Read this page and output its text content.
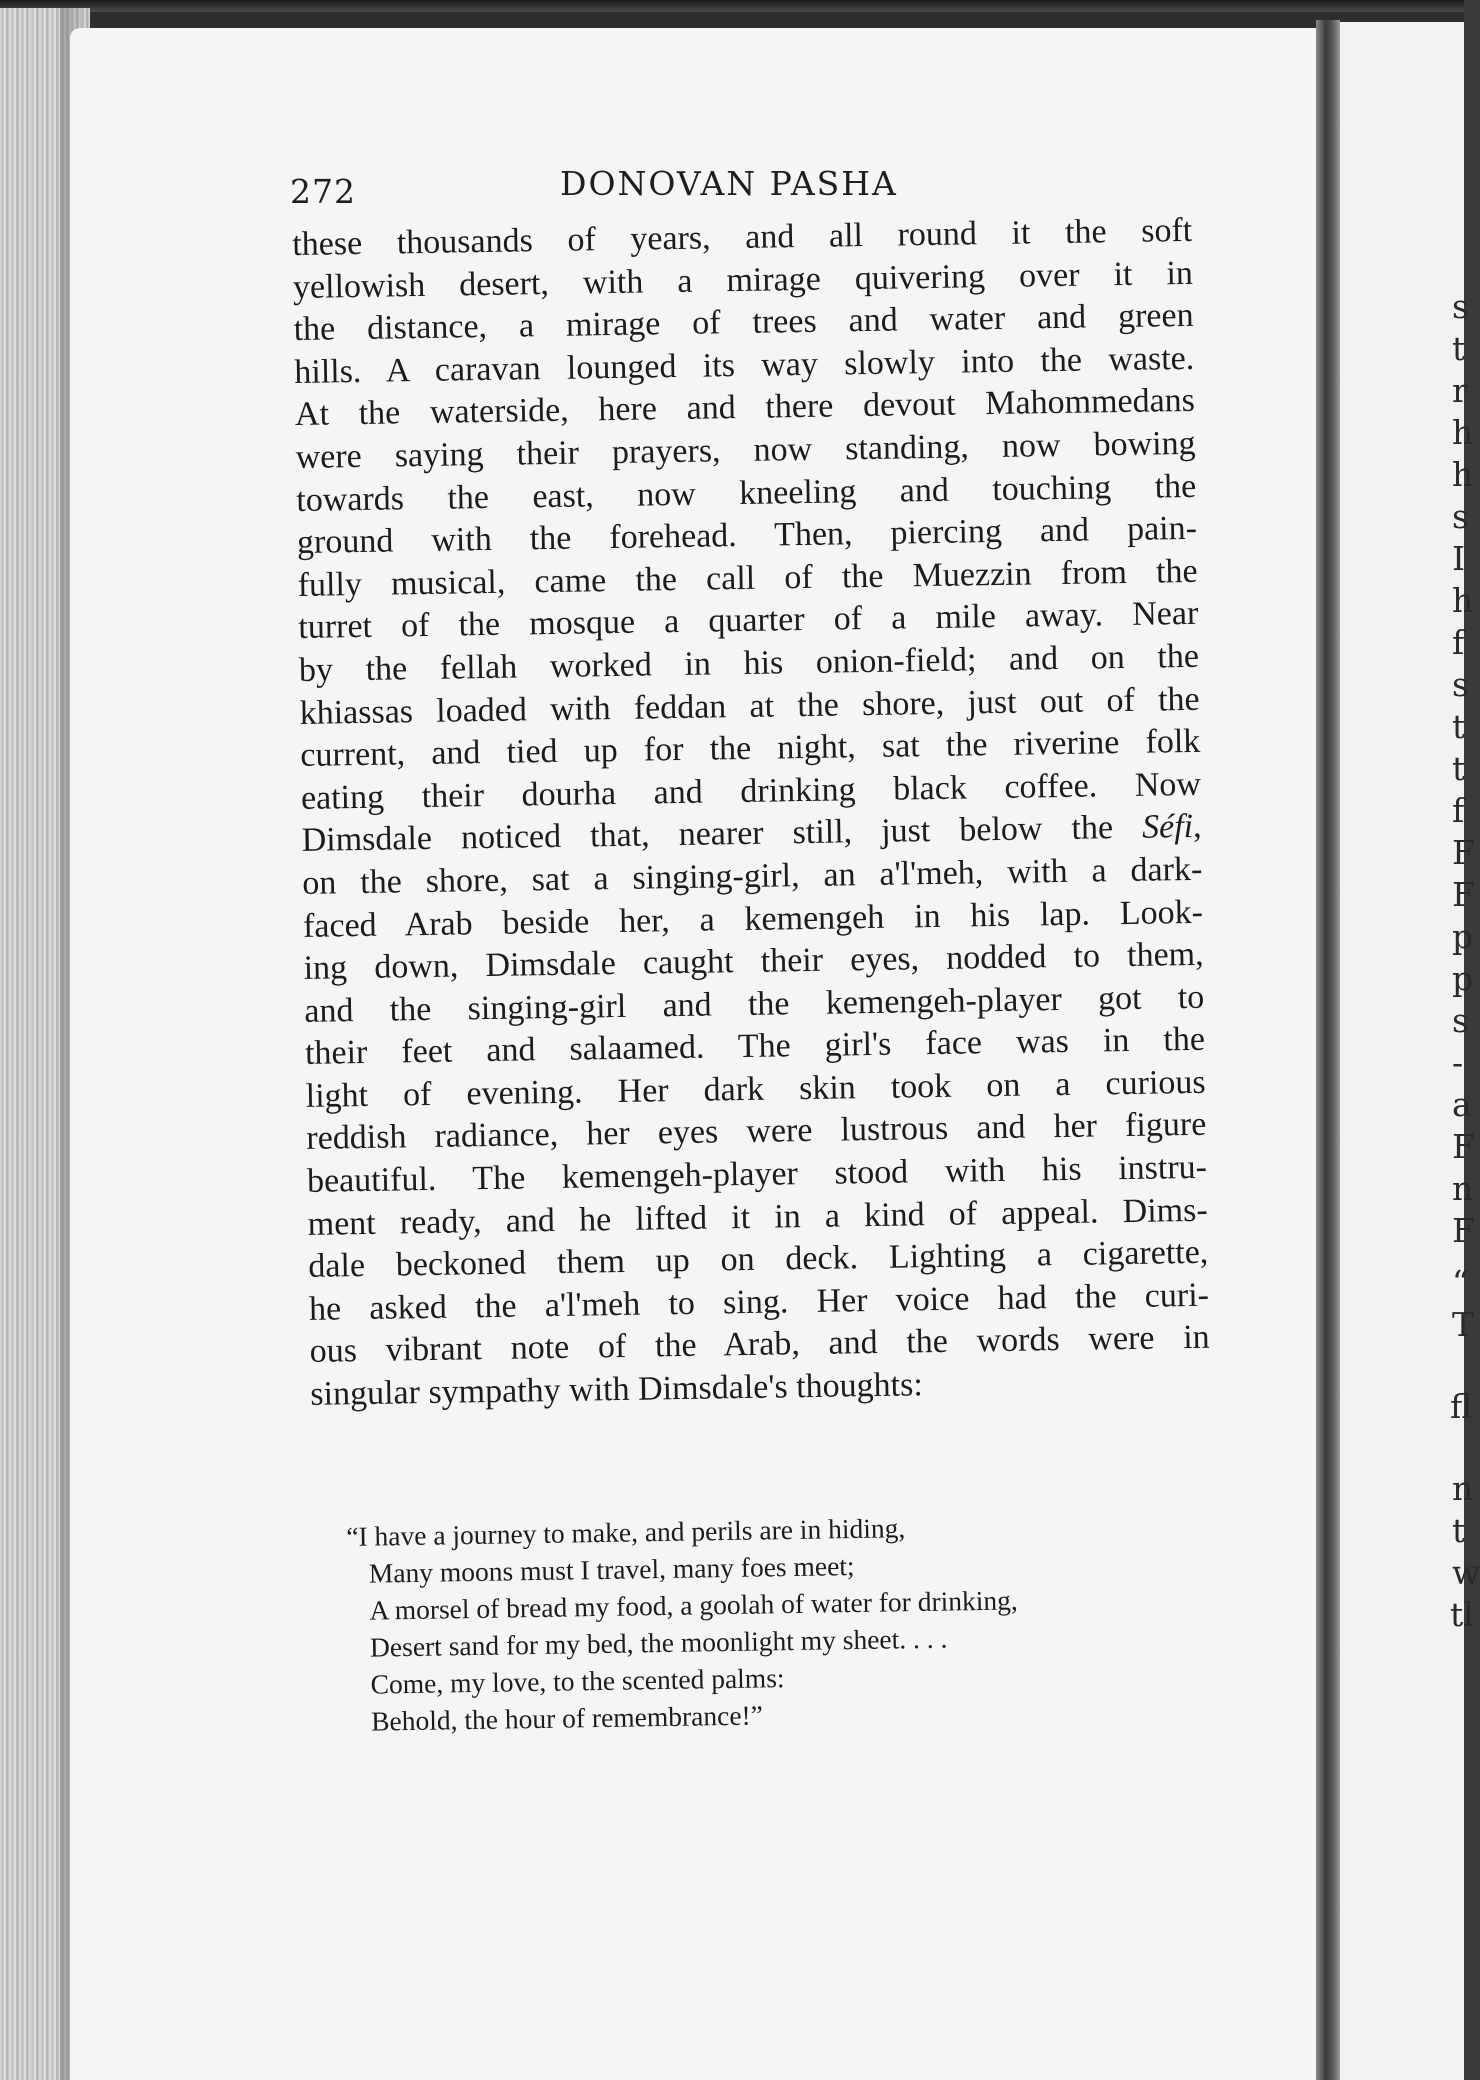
272	DONOVAN PASHA
these thousands of years, and all round it the soft
yellowish desert, with a mirage quivering over it in
the distance, a mirage of trees and water and green
hills. A caravan lounged its way slowly into the waste.
At the waterside, here and there devout Mahommedans
were saying their prayers, now standing, now bowing
towards the east, now kneeling and touching the
ground with the forehead. Then, piercing and pain-
fully musical, came the call of the Muezzin from the
turret of the mosque a quarter of a mile away. Near
by the fellah worked in his onion-field; and on the
khiassas loaded with feddan at the shore, just out of the
current, and tied up for the night, sat the riverine folk
eating their dourha and drinking black coffee. Now
Dimsdale noticed that, nearer still, just below the Séfi,
on the shore, sat a singing-girl, an a'l'meh, with a dark-
faced Arab beside her, a kemengeh in his lap. Look-
ing down, Dimsdale caught their eyes, nodded to them,
and the singing-girl and the kemengeh-player got to
their feet and salaamed. The girl's face was in the
light of evening. Her dark skin took on a curious
reddish radiance, her eyes were lustrous and her figure
beautiful. The kemengeh-player stood with his instru-
ment ready, and he lifted it in a kind of appeal. Dims-
dale beckoned them up on deck. Lighting a cigarette,
he asked the a'l'meh to sing. Her voice had the curi-
ous vibrant note of the Arab, and the words were in
singular sympathy with Dimsdale's thoughts:
“I have a journey to make, and perils are in hiding,
Many moons must I travel, many foes meet;
A morsel of bread my food, a goolah of water for drinking,
Desert sand for my bed, the moonlight my sheet. . . .
Come, my love, to the scented palms:
Behold, the hour of remembrance!”
s
t
r
h
h
s
I
h
f
s
t
t
f
F
F
p
p
s
-
a
F
n
F
“
T
fl
n
t
w
tl
